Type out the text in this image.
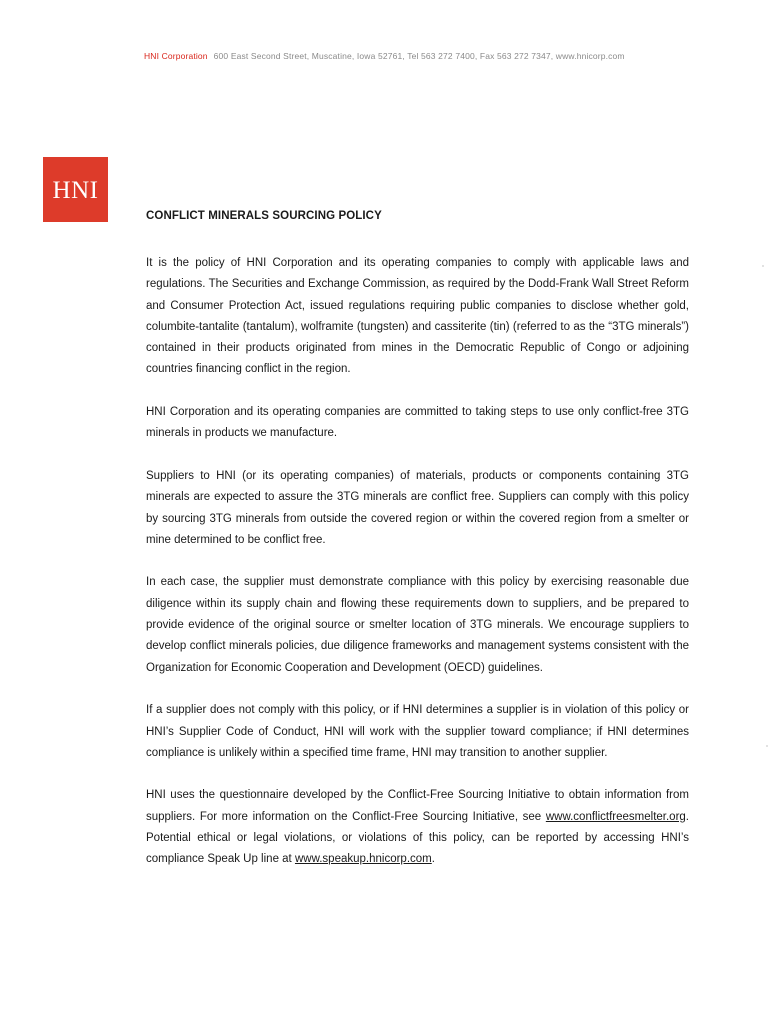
HNI Corporation 600 East Second Street, Muscatine, Iowa 52761, Tel 563 272 7400, Fax 563 272 7347, www.hnicorp.com
HNI
CONFLICT MINERALS SOURCING POLICY

It is the policy of HNI Corporation and its operating companies to comply with applicable laws and regulations. The Securities and Exchange Commission, as required by the Dodd-Frank Wall Street Reform and Consumer Protection Act, issued regulations requiring public companies to disclose whether gold, columbite-tantalite (tantalum), wolframite (tungsten) and cassiterite (tin) (referred to as the “3TG minerals”) contained in their products originated from mines in the Democratic Republic of Congo or adjoining countries financing conflict in the region.

HNI Corporation and its operating companies are committed to taking steps to use only conflict-free 3TG minerals in products we manufacture.

Suppliers to HNI (or its operating companies) of materials, products or components containing 3TG minerals are expected to assure the 3TG minerals are conflict free. Suppliers can comply with this policy by sourcing 3TG minerals from outside the covered region or within the covered region from a smelter or mine determined to be conflict free.

In each case, the supplier must demonstrate compliance with this policy by exercising reasonable due diligence within its supply chain and flowing these requirements down to suppliers, and be prepared to provide evidence of the original source or smelter location of 3TG minerals. We encourage suppliers to develop conflict minerals policies, due diligence frameworks and management systems consistent with the Organization for Economic Cooperation and Development (OECD) guidelines.

If a supplier does not comply with this policy, or if HNI determines a supplier is in violation of this policy or HNI’s Supplier Code of Conduct, HNI will work with the supplier toward compliance; if HNI determines compliance is unlikely within a specified time frame, HNI may transition to another supplier.

HNI uses the questionnaire developed by the Conflict-Free Sourcing Initiative to obtain information from suppliers. For more information on the Conflict-Free Sourcing Initiative, see www.conflictfreesmelter.org. Potential ethical or legal violations, or violations of this policy, can be reported by accessing HNI’s compliance Speak Up line at www.speakup.hnicorp.com.
